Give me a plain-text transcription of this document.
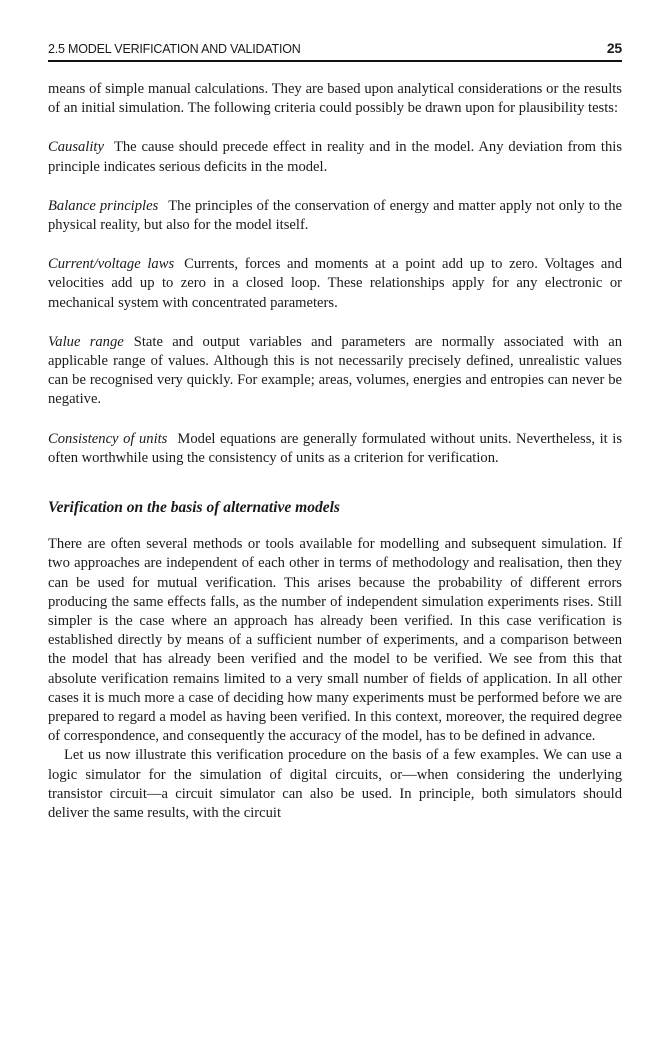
2.5 MODEL VERIFICATION AND VALIDATION	25

means of simple manual calculations. They are based upon analytical considerations or the results of an initial simulation. The following criteria could possibly be drawn upon for plausibility tests:

Causality The cause should precede effect in reality and in the model. Any deviation from this principle indicates serious deficits in the model.

Balance principles The principles of the conservation of energy and matter apply not only to the physical reality, but also for the model itself.

Current/voltage laws Currents, forces and moments at a point add up to zero. Voltages and velocities add up to zero in a closed loop. These relationships apply for any electronic or mechanical system with concentrated parameters.

Value range State and output variables and parameters are normally associated with an applicable range of values. Although this is not necessarily precisely defined, unrealistic values can be recognised very quickly. For example; areas, volumes, energies and entropies can never be negative.

Consistency of units Model equations are generally formulated without units. Nevertheless, it is often worthwhile using the consistency of units as a criterion for verification.

Verification on the basis of alternative models

There are often several methods or tools available for modelling and subsequent simulation. If two approaches are independent of each other in terms of methodology and realisation, then they can be used for mutual verification. This arises because the probability of different errors producing the same effects falls, as the number of independent simulation experiments rises. Still simpler is the case where an approach has already been verified. In this case verification is established directly by means of a sufficient number of experiments, and a comparison between the model that has already been verified and the model to be verified. We see from this that absolute verification remains limited to a very small number of fields of application. In all other cases it is much more a case of deciding how many experiments must be performed before we are prepared to regard a model as having been verified. In this context, moreover, the required degree of correspondence, and consequently the accuracy of the model, has to be defined in advance.

Let us now illustrate this verification procedure on the basis of a few examples. We can use a logic simulator for the simulation of digital circuits, or—when considering the underlying transistor circuit—a circuit simulator can also be used. In principle, both simulators should deliver the same results, with the circuit
